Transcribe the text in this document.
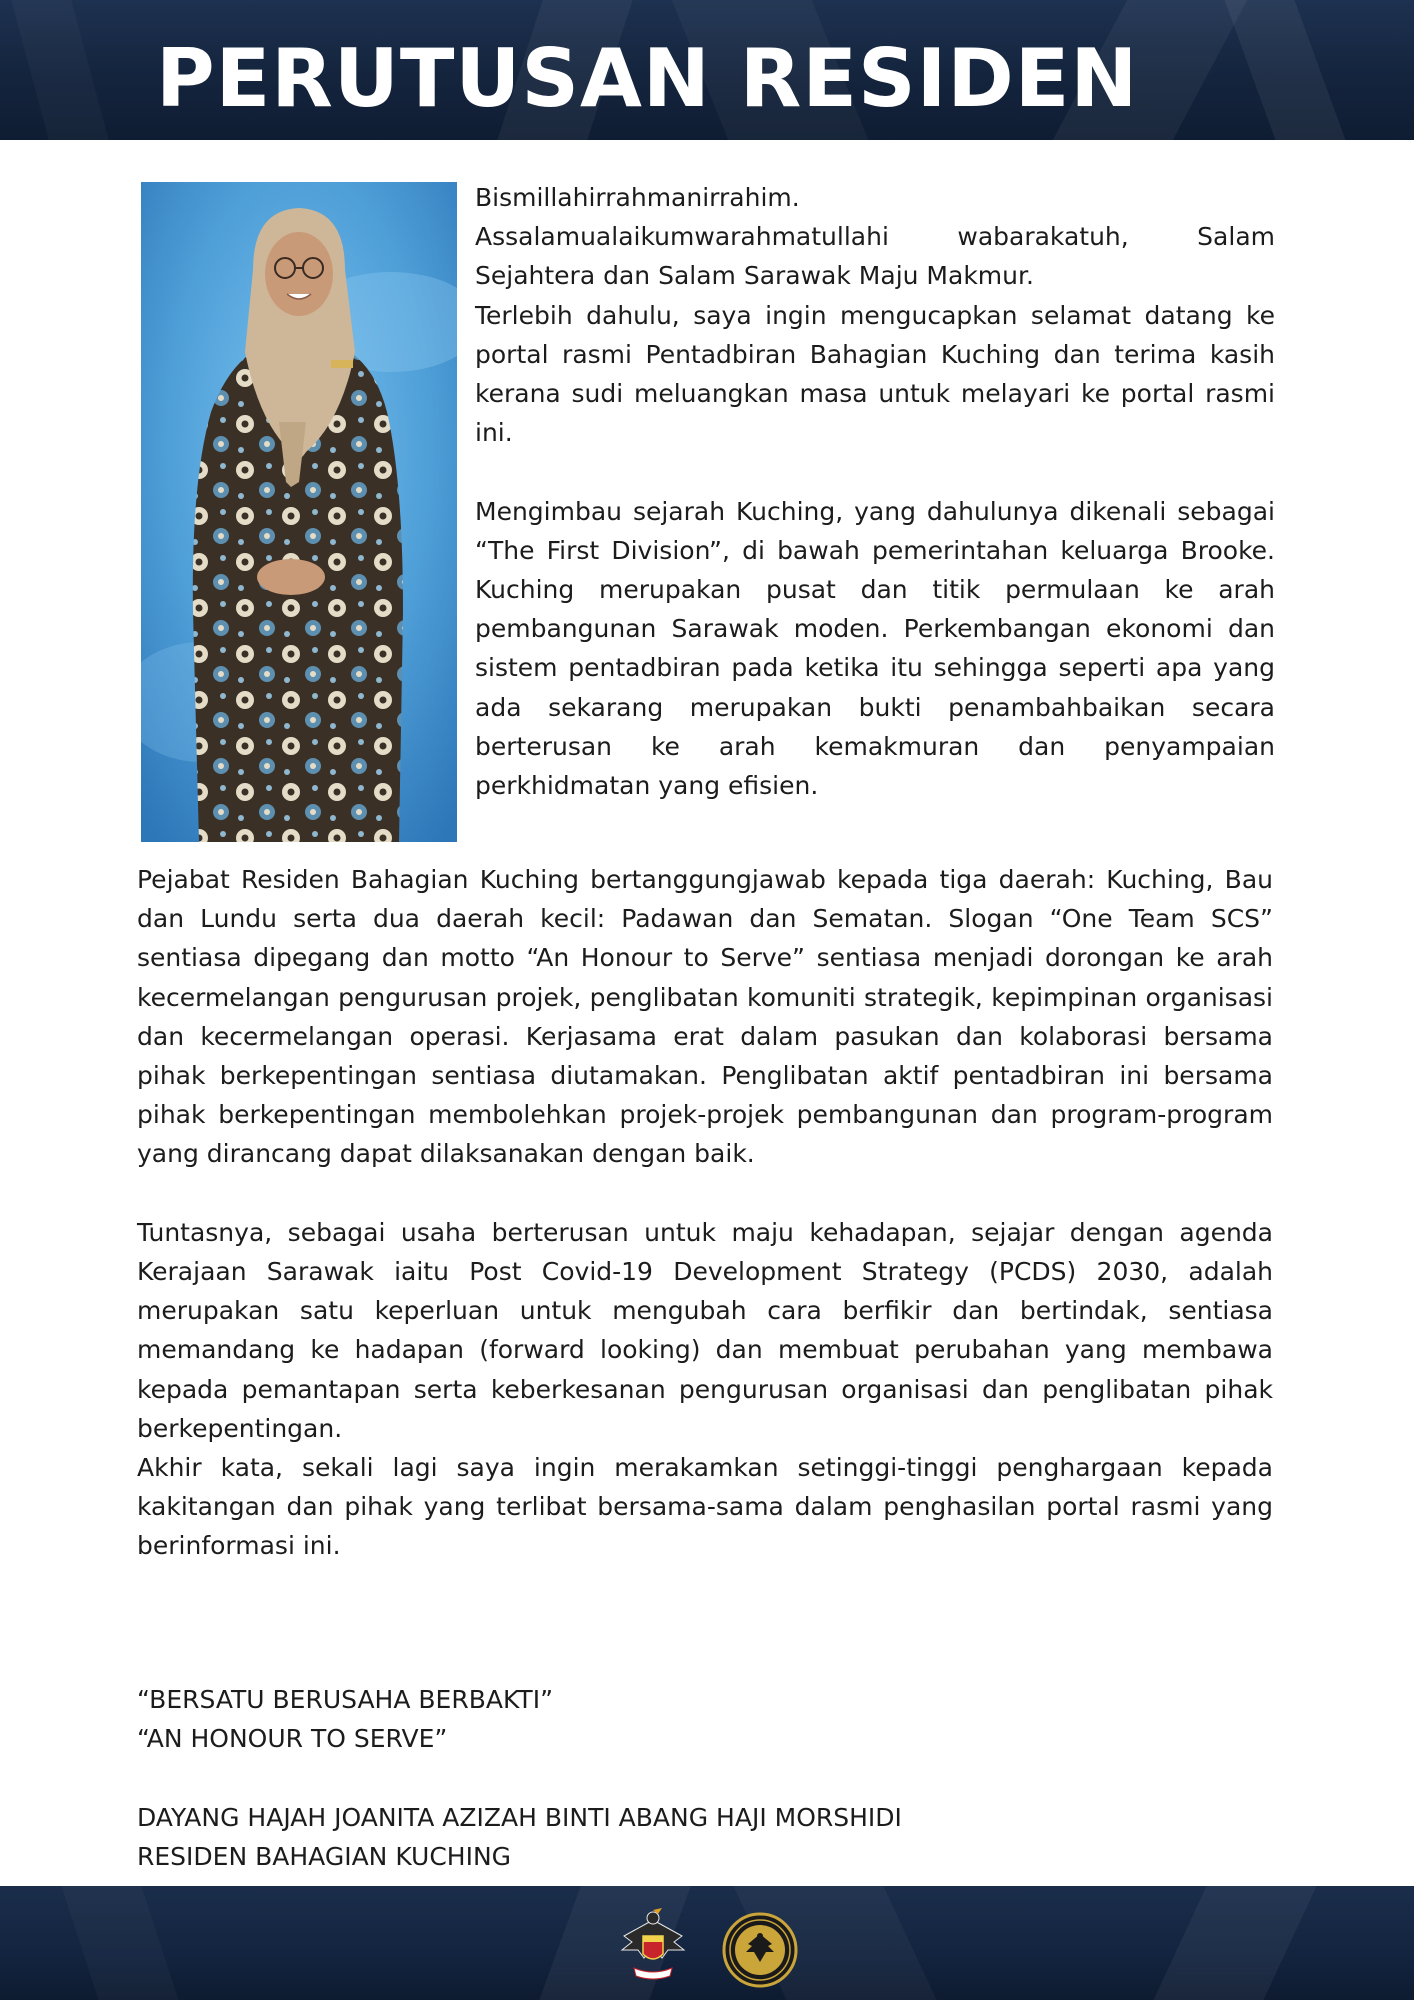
PERUTUSAN RESIDEN

Bismillahirrahmanirrahim.

Assalamualaikumwarahmatullahi wabarakatuh, Salam Sejahtera dan Salam Sarawak Maju Makmur.

Terlebih dahulu, saya ingin mengucapkan selamat datang ke portal rasmi Pentadbiran Bahagian Kuching dan terima kasih kerana sudi meluangkan masa untuk melayari ke portal rasmi ini.

Mengimbau sejarah Kuching, yang dahulunya dikenali sebagai “The First Division”, di bawah pemerintahan keluarga Brooke. Kuching merupakan pusat dan titik permulaan ke arah pembangunan Sarawak moden. Perkembangan ekonomi dan sistem pentadbiran pada ketika itu sehingga seperti apa yang ada sekarang merupakan bukti penambahbaikan secara berterusan ke arah kemakmuran dan penyampaian perkhidmatan yang efisien.

Pejabat Residen Bahagian Kuching bertanggungjawab kepada tiga daerah: Kuching, Bau dan Lundu serta dua daerah kecil: Padawan dan Sematan. Slogan “One Team SCS” sentiasa dipegang dan motto “An Honour to Serve” sentiasa menjadi dorongan ke arah kecermelangan pengurusan projek, penglibatan komuniti strategik, kepimpinan organisasi dan kecermelangan operasi. Kerjasama erat dalam pasukan dan kolaborasi bersama pihak berkepentingan sentiasa diutamakan. Penglibatan aktif pentadbiran ini bersama pihak berkepentingan membolehkan projek-projek pembangunan dan program-program yang dirancang dapat dilaksanakan dengan baik.

Tuntasnya, sebagai usaha berterusan untuk maju kehadapan, sejajar dengan agenda Kerajaan Sarawak iaitu Post Covid-19 Development Strategy (PCDS) 2030, adalah merupakan satu keperluan untuk mengubah cara berfikir dan bertindak, sentiasa memandang ke hadapan (forward looking) dan membuat perubahan yang membawa kepada pemantapan serta keberkesanan pengurusan organisasi dan penglibatan pihak berkepentingan.

Akhir kata, sekali lagi saya ingin merakamkan setinggi-tinggi penghargaan kepada kakitangan dan pihak yang terlibat bersama-sama dalam penghasilan portal rasmi yang berinformasi ini.

“BERSATU BERUSAHA BERBAKTI”

“AN HONOUR TO SERVE”

DAYANG HAJAH JOANITA AZIZAH BINTI ABANG HAJI MORSHIDI

RESIDEN BAHAGIAN KUCHING
